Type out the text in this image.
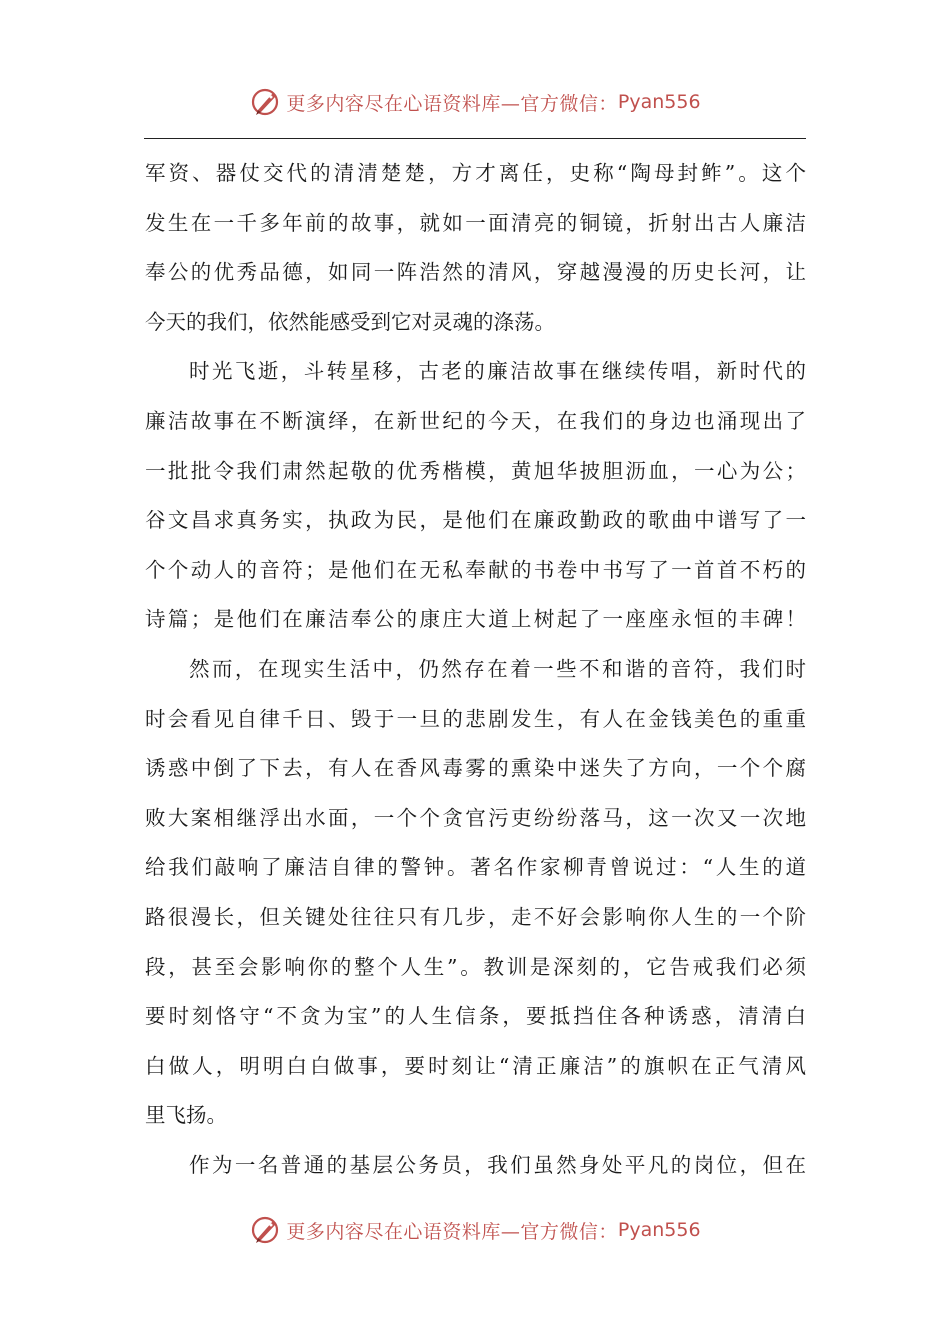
更多内容尽在心语资料库—官方微信： Pyan556
军资、器仗交代的清清楚楚，方才离任，史称“陶母封鲊”。这个
发生在一千多年前的故事，就如一面清亮的铜镜，折射出古人廉洁
奉公的优秀品德，如同一阵浩然的清风，穿越漫漫的历史长河，让
今天的我们，依然能感受到它对灵魂的涤荡。
时光飞逝，斗转星移，古老的廉洁故事在继续传唱，新时代的
廉洁故事在不断演绎，在新世纪的今天，在我们的身边也涌现出了
一批批令我们肃然起敬的优秀楷模，黄旭华披胆沥血，一心为公；
谷文昌求真务实，执政为民，是他们在廉政勤政的歌曲中谱写了一
个个动人的音符；是他们在无私奉献的书卷中书写了一首首不朽的
诗篇；是他们在廉洁奉公的康庄大道上树起了一座座永恒的丰碑！
然而，在现实生活中，仍然存在着一些不和谐的音符，我们时
时会看见自律千日、毁于一旦的悲剧发生，有人在金钱美色的重重
诱惑中倒了下去，有人在香风毒雾的熏染中迷失了方向，一个个腐
败大案相继浮出水面，一个个贪官污吏纷纷落马，这一次又一次地
给我们敲响了廉洁自律的警钟。著名作家柳青曾说过：“人生的道
路很漫长，但关键处往往只有几步，走不好会影响你人生的一个阶
段，甚至会影响你的整个人生”。教训是深刻的，它告戒我们必须
要时刻恪守“不贪为宝”的人生信条，要抵挡住各种诱惑，清清白
白做人，明明白白做事，要时刻让“清正廉洁”的旗帜在正气清风
里飞扬。
作为一名普通的基层公务员，我们虽然身处平凡的岗位，但在
更多内容尽在心语资料库—官方微信： Pyan556
